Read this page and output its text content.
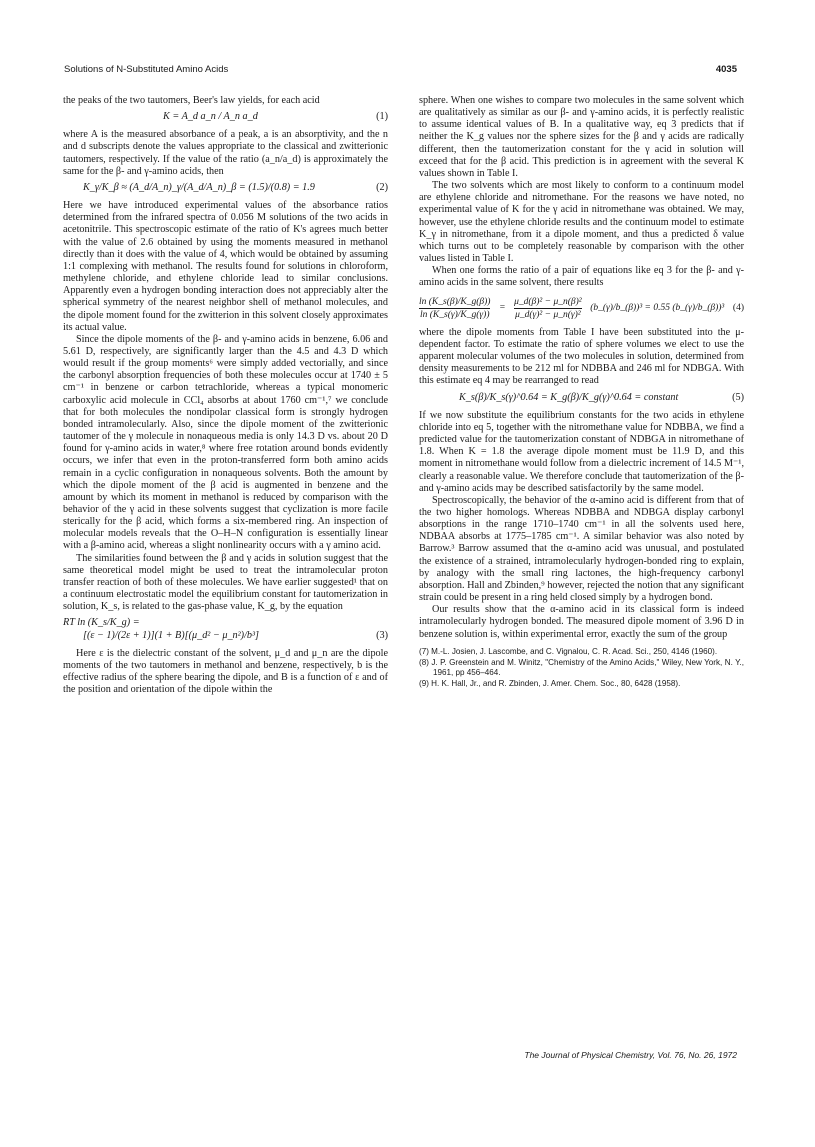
Solutions of N-Substituted Amino Acids	4035

the peaks of the two tautomers, Beer's law yields, for each acid

K = A_d a_n / A_n a_d	(1)

where A is the measured absorbance of a peak, a is an absorptivity, and the n and d subscripts denote the values appropriate to the classical and zwitterionic tautomers, respectively. If the value of the ratio (a_n/a_d) is approximately the same for the β- and γ-amino acids, then

K_γ/K_β ≈ (A_d/A_n)_γ/(A_d/A_n)_β = (1.5)/(0.8) = 1.9	(2)

Here we have introduced experimental values of the absorbance ratios determined from the infrared spectra of 0.056 M solutions of the two acids in acetonitrile. This spectroscopic estimate of the ratio of K's agrees much better with the value of 2.6 obtained by using the moments measured in methanol directly than it does with the value of 4, which would be obtained by assuming 1:1 complexing with methanol. The results found for solutions in chloroform, methylene chloride, and ethylene chloride lead to similar conclusions. Apparently even a hydrogen bonding interaction does not appreciably alter the spherical symmetry of the nearest neighbor shell of methanol molecules, and the dipole moment found for the zwitterion in this solvent closely approximates its actual value.

Since the dipole moments of the β- and γ-amino acids in benzene, 6.06 and 5.61 D, respectively, are significantly larger than the 4.5 and 4.3 D which would result if the group moments⁶ were simply added vectorially, and since the carbonyl absorption frequencies of both these molecules occur at 1740 ± 5 cm⁻¹ in benzene or carbon tetrachloride, whereas a typical monomeric carboxylic acid molecule in CCl₄ absorbs at about 1760 cm⁻¹,⁷ we conclude that for both molecules the nondipolar classical form is strongly hydrogen bonded intramolecularly. Also, since the dipole moment of the zwitterionic tautomer of the γ molecule in nonaqueous media is only 14.3 D vs. about 20 D found for γ-amino acids in water,⁸ where free rotation around bonds evidently occurs, we infer that even in the proton-transferred form both amino acids remain in a cyclic configuration in nonaqueous solvents. Both the amount by which the dipole moment of the β acid is augmented in benzene and the amount by which its moment in methanol is reduced by comparison with the behavior of the γ acid in these solvents suggest that cyclization is more facile sterically for the β acid, which forms a six-membered ring. An inspection of molecular models reveals that the O–H–N configuration is essentially linear with a β-amino acid, whereas a slight nonlinearity occurs with a γ amino acid.

The similarities found between the β and γ acids in solution suggest that the same theoretical model might be used to treat the intramolecular proton transfer reaction of both of these molecules. We have earlier suggested¹ that on a continuum electrostatic model the equilibrium constant for tautomerization in solution, K_s, is related to the gas-phase value, K_g, by the equation

RT ln (K_s/K_g) =
[(ε − 1)/(2ε + 1)](1 + B)[(μ_d² − μ_n²)/b³]	(3)

Here ε is the dielectric constant of the solvent, μ_d and μ_n are the dipole moments of the two tautomers in methanol and benzene, respectively, b is the effective radius of the sphere bearing the dipole, and B is a function of ε and of the position and orientation of the dipole within the

sphere. When one wishes to compare two molecules in the same solvent which are qualitatively as similar as our β- and γ-amino acids, it is perfectly realistic to assume identical values of B. In a qualitative way, eq 3 predicts that if neither the K_g values nor the sphere sizes for the β and γ acids are radically different, then the tautomerization constant for the γ acid in solution will exceed that for the β acid. This prediction is in agreement with the several K values shown in Table I.

The two solvents which are most likely to conform to a continuum model are ethylene chloride and nitromethane. For the reasons we have noted, no experimental value of K for the γ acid in nitromethane was obtained. We may, however, use the ethylene chloride results and the continuum model to estimate K_γ in nitromethane, from it a dipole moment, and thus a predicted δ value which turns out to be completely reasonable by comparison with the other values listed in Table I.

When one forms the ratio of a pair of equations like eq 3 for the β- and γ-amino acids in the same solvent, there results

$\frac{\ln (K\_s(\beta)/K\_g(\beta))}{\ln (K\_s(\gamma)/K\_g(\gamma))} = \frac{\text{μ\_d(β)² − μ\_n(β)²}}{\text{μ\_d(γ)² − μ\_n(γ)²}}$ (b_(γ)/b_(β))³ = 0.55 (b_(γ)/b_(β))³ (4)

where the dipole moments from Table I have been substituted into the μ-dependent factor. To estimate the ratio of sphere volumes we elect to use the apparent molecular volumes of the two molecules in solution, determined from density measurements to be 212 ml for NDBBA and 246 ml for NDBGA. With this estimate eq 4 may be rearranged to read

K_s(β)/K_s(γ)^0.64 = K_g(β)/K_g(γ)^0.64 = constant	(5)

If we now substitute the equilibrium constants for the two acids in ethylene chloride into eq 5, together with the nitromethane value for NDBBA, we find a predicted value for the tautomerization constant of NDBGA in nitromethane of 1.8. When K = 1.8 the average dipole moment must be 11.9 D, and this moment in nitromethane would follow from a dielectric increment of 14.5 M⁻¹, clearly a reasonable value. We therefore conclude that tautomerization of the β- and γ-amino acids may be described satisfactorily by the same model.

Spectroscopically, the behavior of the α-amino acid is different from that of the two higher homologs. Whereas NDBBA and NDBGA display carbonyl absorptions in the range 1710–1740 cm⁻¹ in all the solvents used here, NDBAA absorbs at 1775–1785 cm⁻¹. A similar behavior was also noted by Barrow.³ Barrow assumed that the α-amino acid was unusual, and postulated the existence of a strained, intramolecularly hydrogen-bonded ring to explain, by analogy with the small ring lactones, the high-frequency carbonyl absorption. Hall and Zbinden,⁹ however, rejected the notion that any significant strain could be present in a ring held closed simply by a hydrogen bond.

Our results show that the α-amino acid in its classical form is indeed intramolecularly hydrogen bonded. The measured dipole moment of 3.96 D in benzene solution is, within experimental error, exactly the sum of the group

(7) M.-L. Josien, J. Lascombe, and C. Vignalou, C. R. Acad. Sci., 250, 4146 (1960).
(8) J. P. Greenstein and M. Winitz, "Chemistry of the Amino Acids," Wiley, New York, N. Y., 1961, pp 456–464.
(9) H. K. Hall, Jr., and R. Zbinden, J. Amer. Chem. Soc., 80, 6428 (1958).
The Journal of Physical Chemistry, Vol. 76, No. 26, 1972
